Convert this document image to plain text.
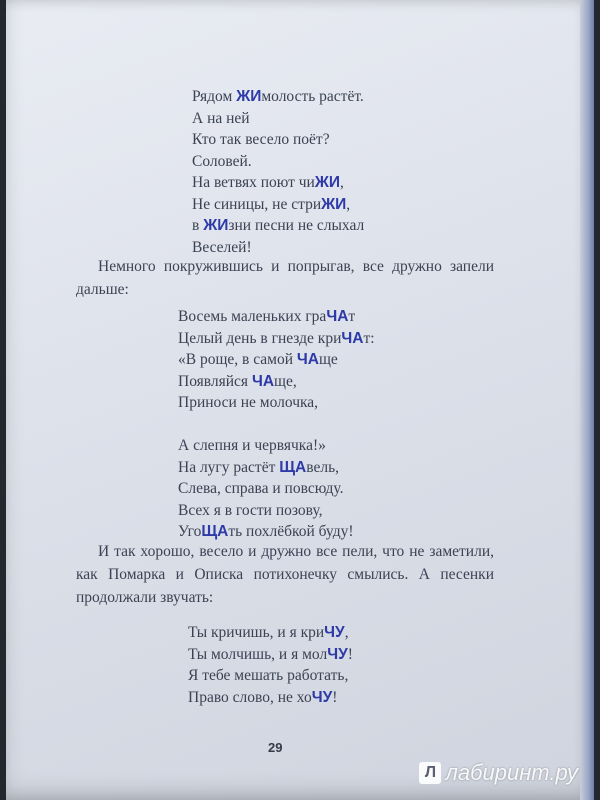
Рядом ЖИмолость растёт.
А на ней
Кто так весело поёт?
Соловей.
На ветвях поют чиЖИ,
Не синицы, не стриЖИ,
в ЖИзни песни не слыхал
Веселей!

Немного покружившись и попрыгав, все дружно запели дальше:

Восемь маленьких граЧАт
Целый день в гнезде криЧАт:
«В роще, в самой ЧАще
Появляйся ЧАще,
Приноси не молочка,
А слепня и червячка!»
На лугу растёт ЩАвель,
Слева, справа и повсюду.
Всех я в гости позову,
УгоЩАть похлёбкой буду!

И так хорошо, весело и дружно все пели, что не заметили, как Помарка и Описка потихонечку смылись. А песенки продолжали звучать:

Ты кричишь, и я криЧУ,
Ты молчишь, и я молЧУ!
Я тебе мешать работать,
Право слово, не хоЧУ!
29
Л лабиринт.ру
